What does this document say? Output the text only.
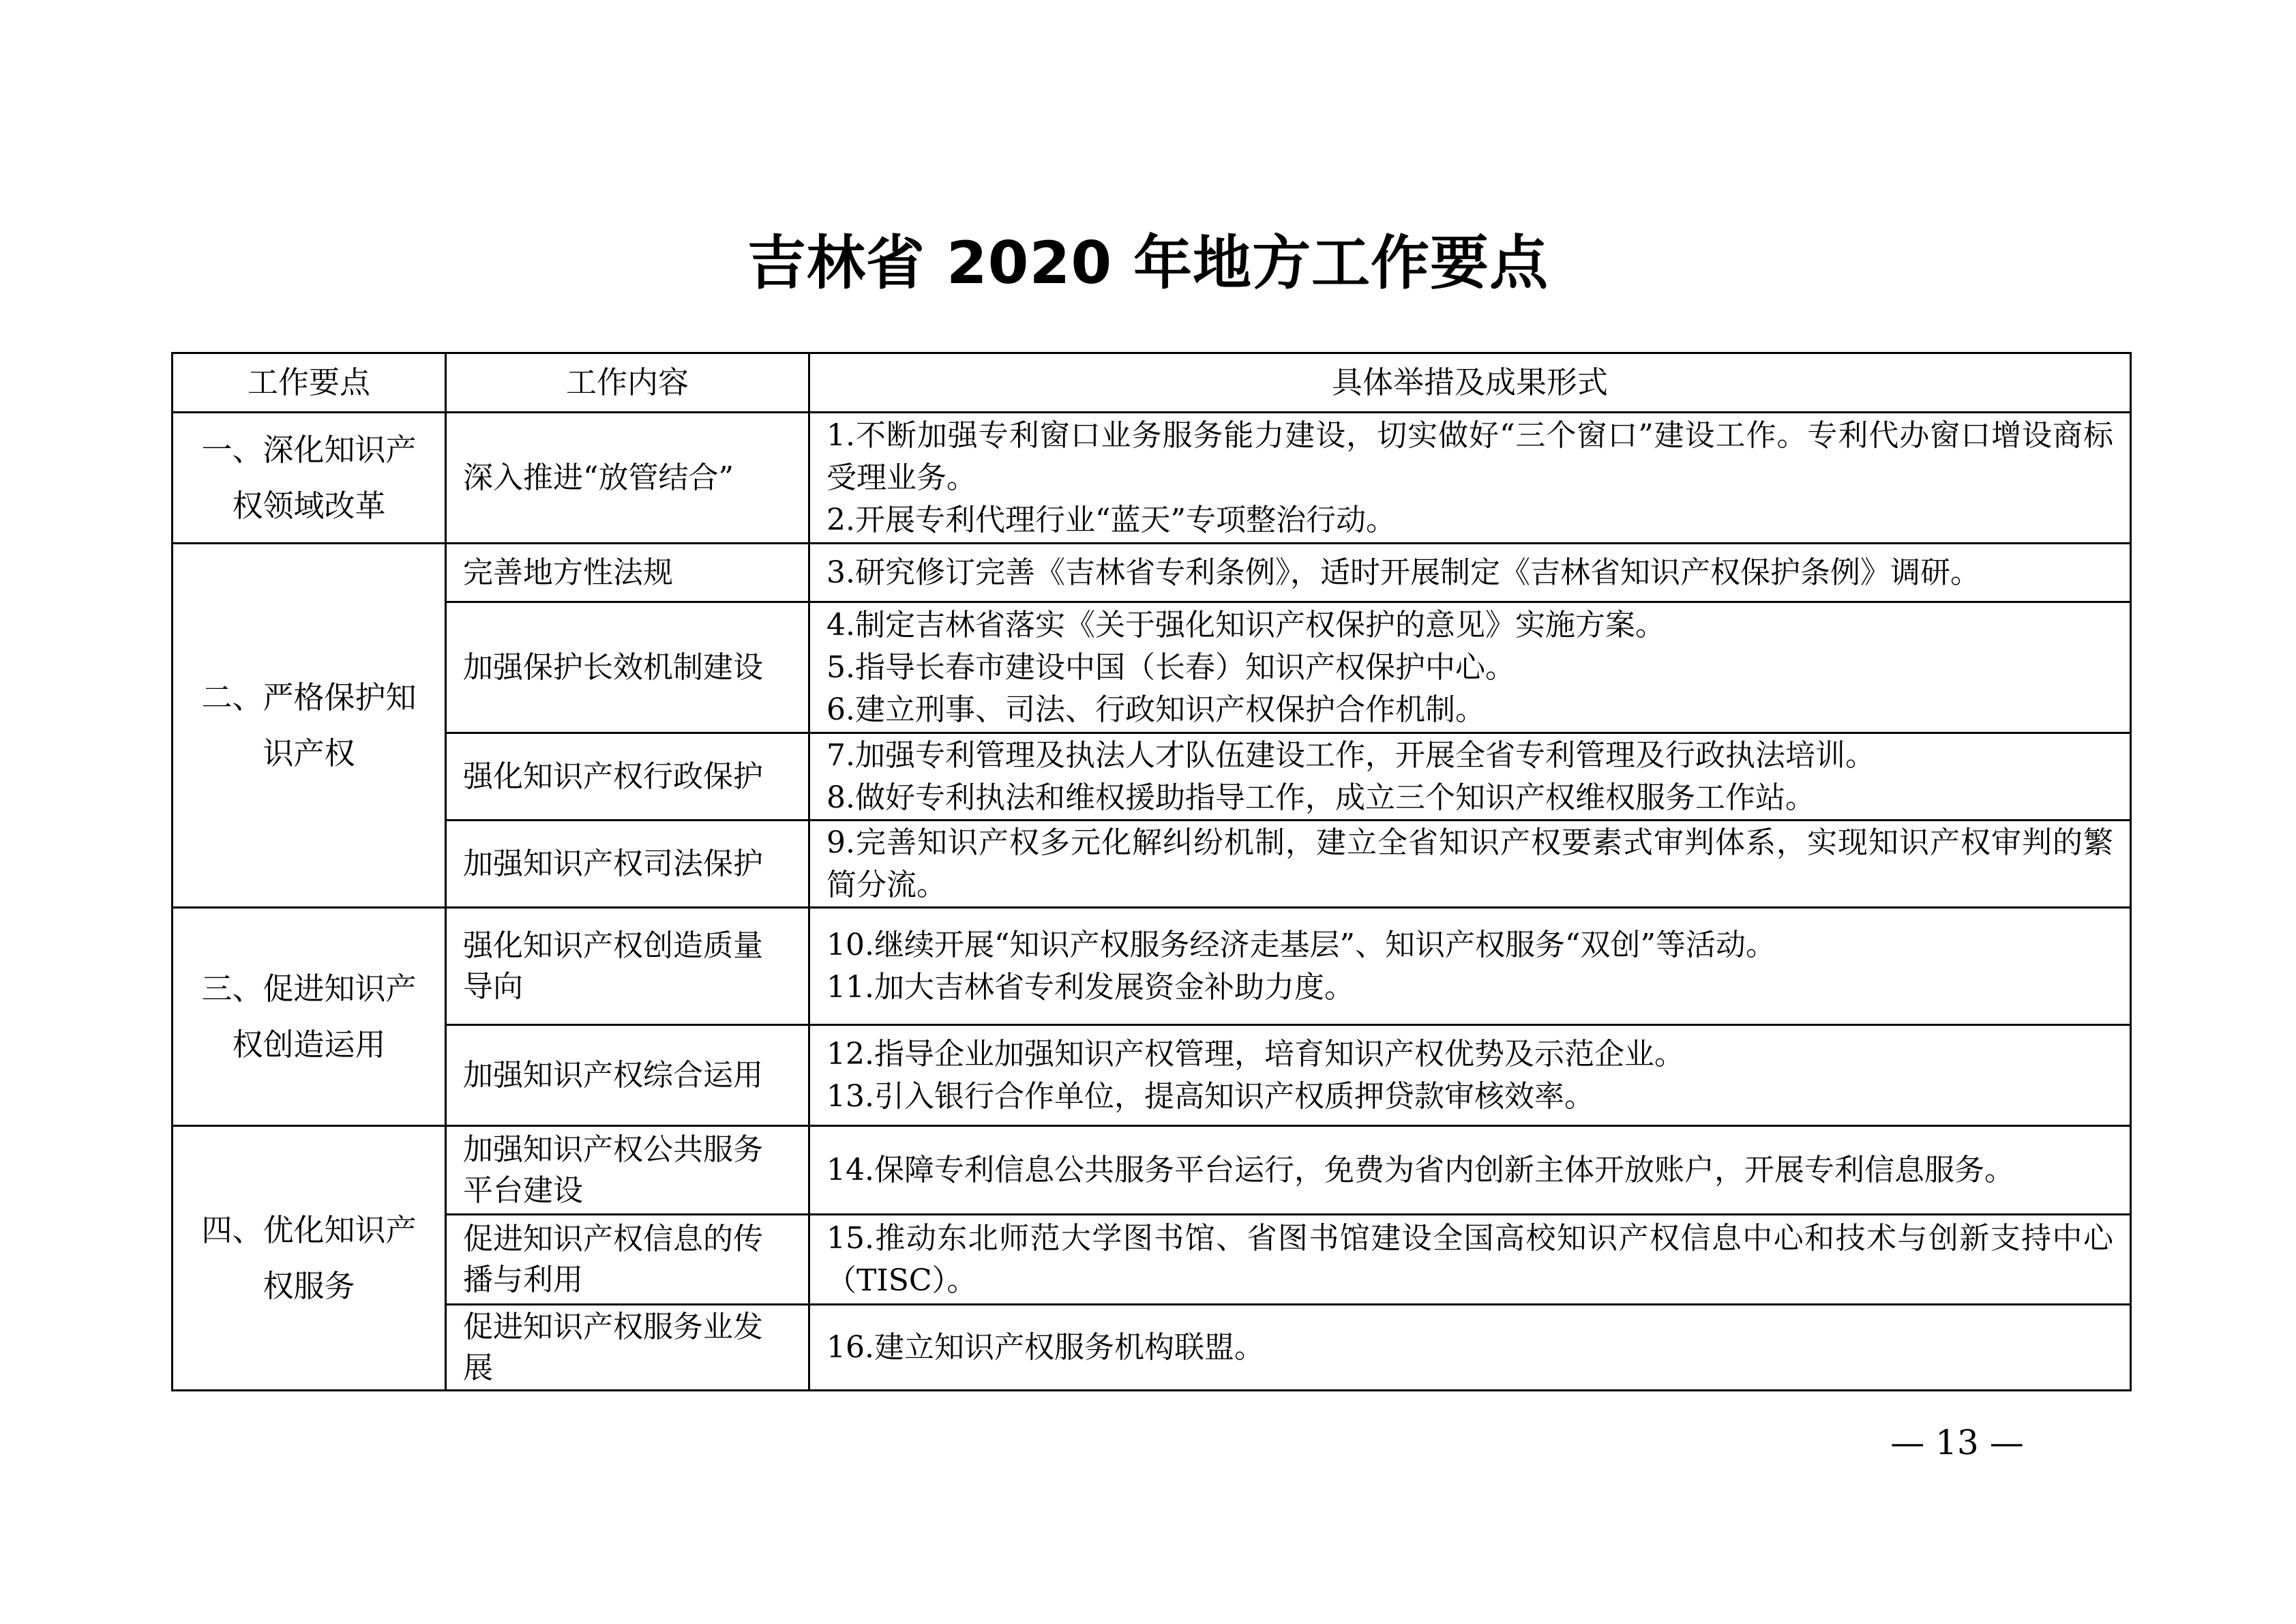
吉林省 2020 年地方工作要点
工作要点	工作内容	具体举措及成果形式
一、深化知识产权领域改革	深入推进“放管结合”	1.不断加强专利窗口业务服务能力建设，切实做好“三个窗口”建设工作。专利代办窗口增设商标受理业务。
2.开展专利代理行业“蓝天”专项整治行动。

二、严格保护知识产权	完善地方性法规	3.研究修订完善《吉林省专利条例》，适时开展制定《吉林省知识产权保护条例》调研。

	加强保护长效机制建设	4.制定吉林省落实《关于强化知识产权保护的意见》实施方案。
5.指导长春市建设中国（长春）知识产权保护中心。
6.建立刑事、司法、行政知识产权保护合作机制。

	强化知识产权行政保护	7.加强专利管理及执法人才队伍建设工作，开展全省专利管理及行政执法培训。
8.做好专利执法和维权援助指导工作，成立三个知识产权维权服务工作站。

	加强知识产权司法保护	9.完善知识产权多元化解纠纷机制，建立全省知识产权要素式审判体系，实现知识产权审判的繁简分流。

三、促进知识产权创造运用	强化知识产权创造质量导向	10.继续开展“知识产权服务经济走基层”、知识产权服务“双创”等活动。
11.加大吉林省专利发展资金补助力度。

	加强知识产权综合运用	12.指导企业加强知识产权管理，培育知识产权优势及示范企业。
13.引入银行合作单位，提高知识产权质押贷款审核效率。

四、优化知识产权服务	加强知识产权公共服务平台建设	14.保障专利信息公共服务平台运行，免费为省内创新主体开放账户，开展专利信息服务。

	促进知识产权信息的传播与利用	15.推动东北师范大学图书馆、省图书馆建设全国高校知识产权信息中心和技术与创新支持中心（TISC）。

	促进知识产权服务业发展	16.建立知识产权服务机构联盟。
— 13 —
